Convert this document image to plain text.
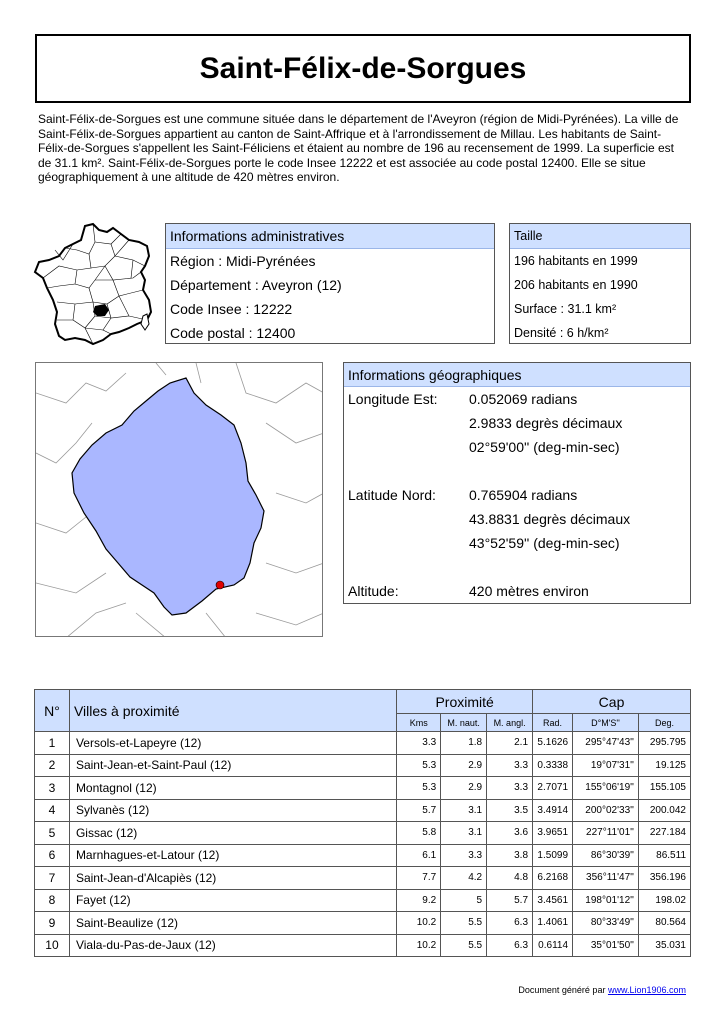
Saint-Félix-de-Sorgues

Saint-Félix-de-Sorgues est une commune située dans le département de l'Aveyron (région de Midi-Pyrénées). La ville de Saint-Félix-de-Sorgues appartient au canton de Saint-Affrique et à l'arrondissement de Millau. Les habitants de Saint-Félix-de-Sorgues s'appellent les Saint-Féliciens et étaient au nombre de 196 au recensement de 1999. La superficie est de 31.1 km². Saint-Félix-de-Sorgues porte le code Insee 12222 et est associée au code postal 12400. Elle se situe géographiquement à une altitude de 420 mètres environ.

Informations administratives
Région : Midi-Pyrénées
Département : Aveyron (12)
Code Insee : 12222
Code postal : 12400
Taille
196 habitants en 1999
206 habitants en 1990
Surface : 31.1 km²
Densité : 6 h/km²
Informations géographiques
Longitude Est: 0.052069 radians
2.9833 degrès décimaux
02°59'00'' (deg-min-sec)
Latitude Nord: 0.765904 radians
43.8831 degrès décimaux
43°52'59'' (deg-min-sec)
Altitude:	420 mètres environ
N°	Villes à proximité	Proximité			Cap		
		Kms	M. naut.	M. angl.	Rad.	D°M'S''	Deg.
1	Versols-et-Lapeyre (12)	3.3	1.8	2.1	5.1626	295°47'43''	295.795
2	Saint-Jean-et-Saint-Paul (12)	5.3	2.9	3.3	0.3338	19°07'31''	19.125
3	Montagnol (12)	5.3	2.9	3.3	2.7071	155°06'19''	155.105
4	Sylvanès (12)	5.7	3.1	3.5	3.4914	200°02'33''	200.042
5	Gissac (12)	5.8	3.1	3.6	3.9651	227°11'01''	227.184
6	Marnhagues-et-Latour (12)	6.1	3.3	3.8	1.5099	86°30'39''	86.511
7	Saint-Jean-d'Alcapiès (12)	7.7	4.2	4.8	6.2168	356°11'47''	356.196
8	Fayet (12)	9.2	5	5.7	3.4561	198°01'12''	198.02
9	Saint-Beaulize (12)	10.2	5.5	6.3	1.4061	80°33'49''	80.564
10	Viala-du-Pas-de-Jaux (12)	10.2	5.5	6.3	0.6114	35°01'50''	35.031
Document généré par www.Lion1906.com
